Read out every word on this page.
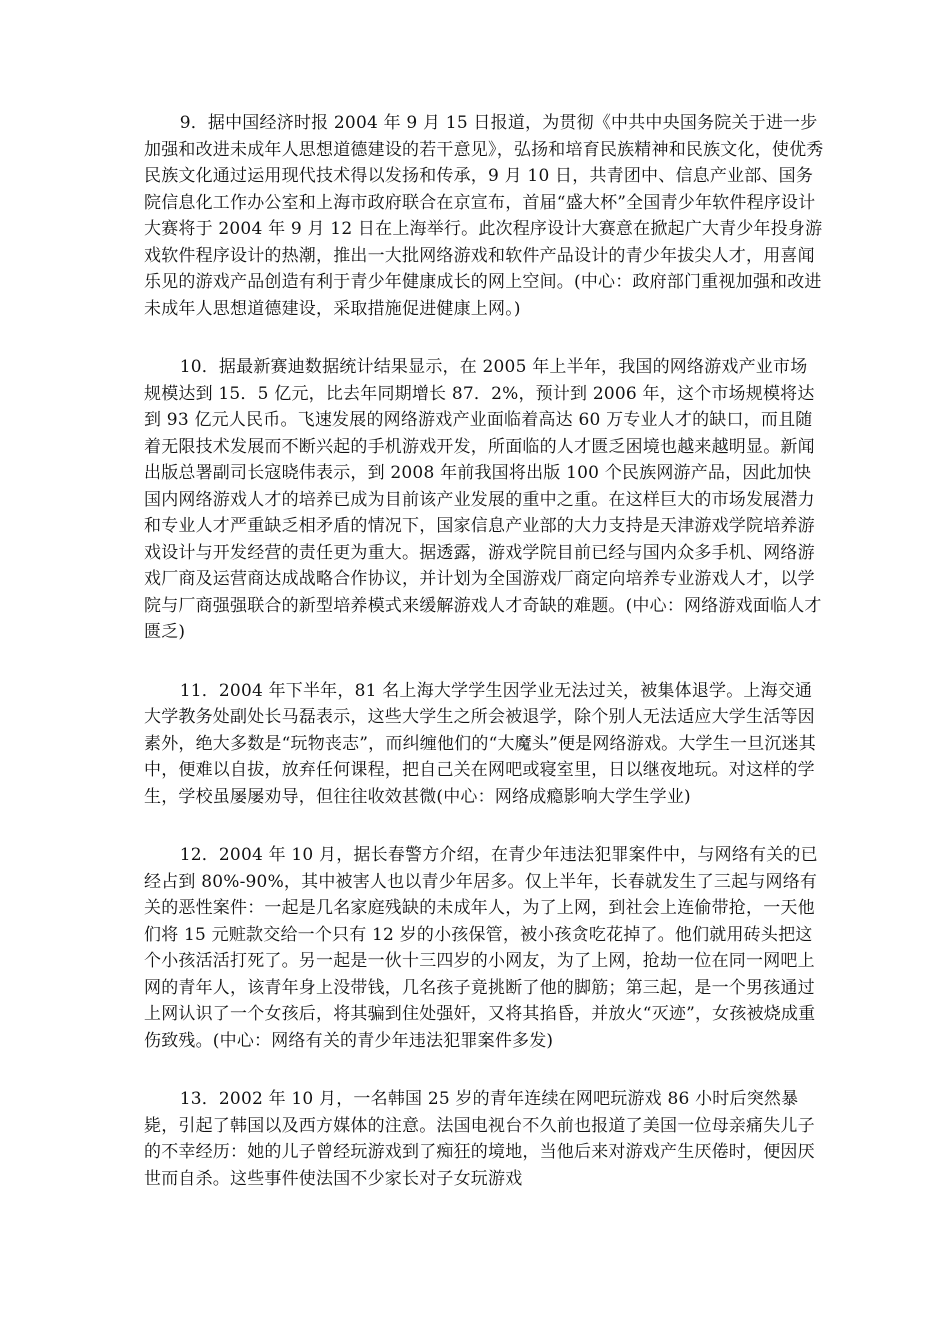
9．据中国经济时报 2004 年 9 月 15 日报道，为贯彻《中共中央国务院关于进一步加强和改进未成年人思想道德建设的若干意见》，弘扬和培育民族精神和民族文化，使优秀民族文化通过运用现代技术得以发扬和传承，9 月 10 日，共青团中、信息产业部、国务院信息化工作办公室和上海市政府联合在京宣布，首届“盛大杯”全国青少年软件程序设计大赛将于 2004 年 9 月 12 日在上海举行。此次程序设计大赛意在掀起广大青少年投身游戏软件程序设计的热潮，推出一大批网络游戏和软件产品设计的青少年拔尖人才，用喜闻乐见的游戏产品创造有利于青少年健康成长的网上空间。(中心：政府部门重视加强和改进未成年人思想道德建设，采取措施促进健康上网。)

10．据最新赛迪数据统计结果显示，在 2005 年上半年，我国的网络游戏产业市场规模达到 15．5 亿元，比去年同期增长 87．2%，预计到 2006 年，这个市场规模将达到 93 亿元人民币。飞速发展的网络游戏产业面临着高达 60 万专业人才的缺口，而且随着无限技术发展而不断兴起的手机游戏开发，所面临的人才匮乏困境也越来越明显。新闻出版总署副司长寇晓伟表示，到 2008 年前我国将出版 100 个民族网游产品，因此加快国内网络游戏人才的培养已成为目前该产业发展的重中之重。在这样巨大的市场发展潜力和专业人才严重缺乏相矛盾的情况下，国家信息产业部的大力支持是天津游戏学院培养游戏设计与开发经营的责任更为重大。据透露，游戏学院目前已经与国内众多手机、网络游戏厂商及运营商达成战略合作协议，并计划为全国游戏厂商定向培养专业游戏人才，以学院与厂商强强联合的新型培养模式来缓解游戏人才奇缺的难题。(中心：网络游戏面临人才匮乏)

11．2004 年下半年，81 名上海大学学生因学业无法过关，被集体退学。上海交通大学教务处副处长马磊表示，这些大学生之所会被退学，除个别人无法适应大学生活等因素外，绝大多数是“玩物丧志”，而纠缠他们的“大魔头”便是网络游戏。大学生一旦沉迷其中，便难以自拔，放弃任何课程，把自己关在网吧或寝室里，日以继夜地玩。对这样的学生，学校虽屡屡劝导，但往往收效甚微(中心：网络成瘾影响大学生学业)

12．2004 年 10 月，据长春警方介绍，在青少年违法犯罪案件中，与网络有关的已经占到 80%-90%，其中被害人也以青少年居多。仅上半年，长春就发生了三起与网络有关的恶性案件：一起是几名家庭残缺的未成年人，为了上网，到社会上连偷带抢，一天他们将 15 元赃款交给一个只有 12 岁的小孩保管，被小孩贪吃花掉了。他们就用砖头把这个小孩活活打死了。另一起是一伙十三四岁的小网友，为了上网，抢劫一位在同一网吧上网的青年人，该青年身上没带钱，几名孩子竟挑断了他的脚筋；第三起，是一个男孩通过上网认识了一个女孩后，将其骗到住处强奸，又将其掐昏，并放火“灭迹”，女孩被烧成重伤致残。(中心：网络有关的青少年违法犯罪案件多发)

13．2002 年 10 月，一名韩国 25 岁的青年连续在网吧玩游戏 86 小时后突然暴毙，引起了韩国以及西方媒体的注意。法国电视台不久前也报道了美国一位母亲痛失儿子的不幸经历：她的儿子曾经玩游戏到了痴狂的境地，当他后来对游戏产生厌倦时，便因厌世而自杀。这些事件使法国不少家长对子女玩游戏
